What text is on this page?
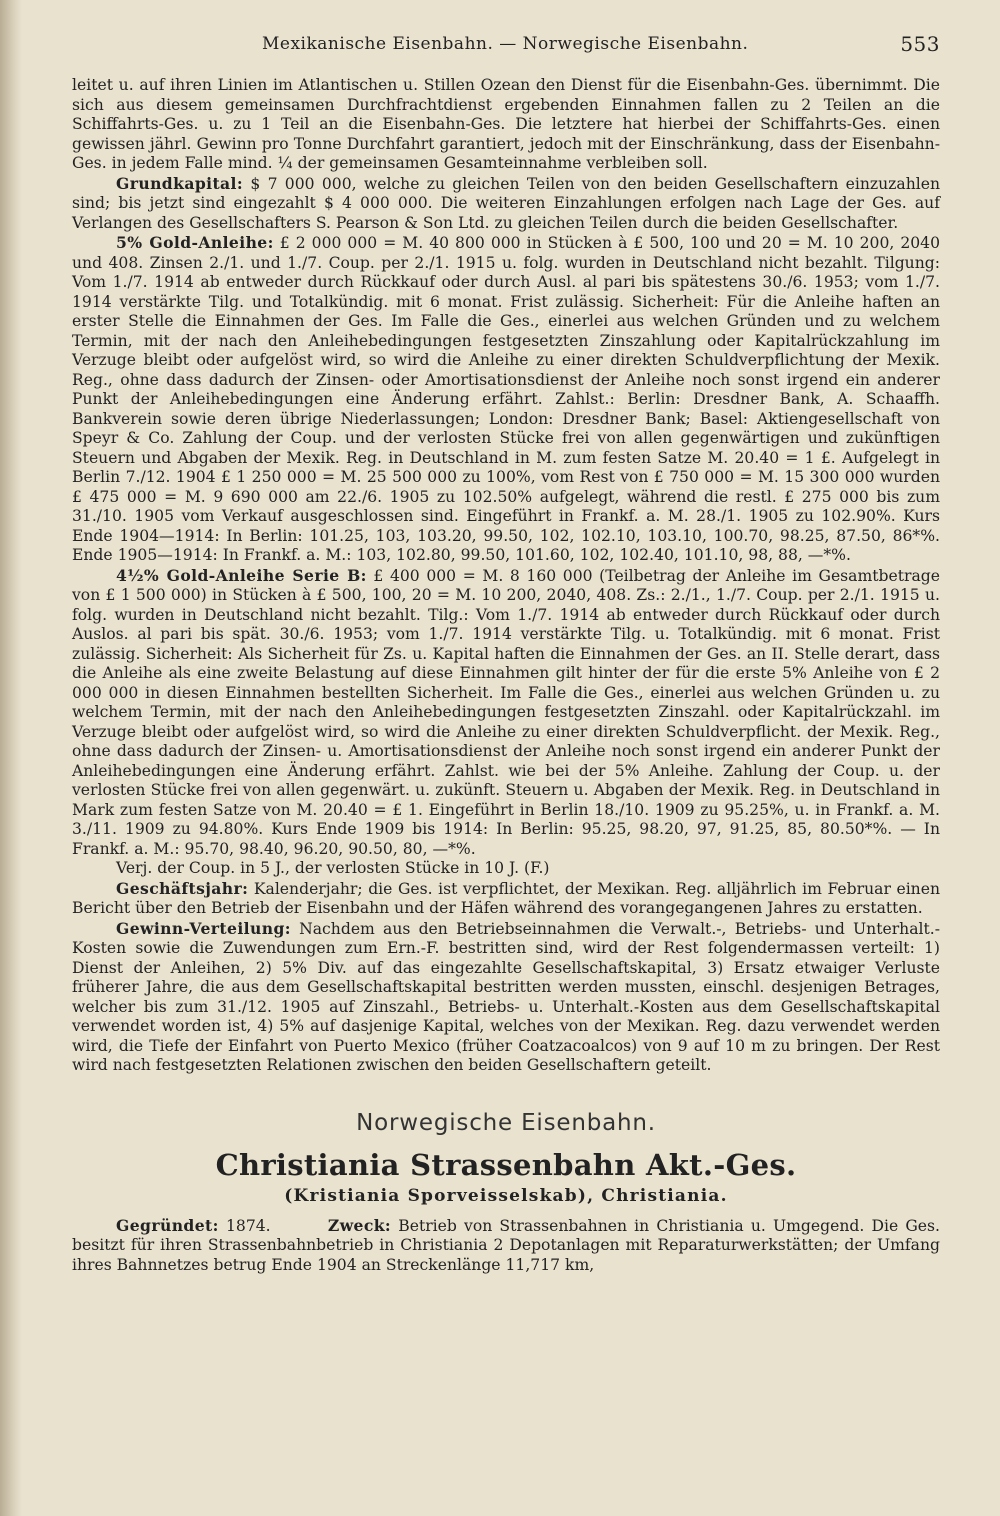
Mexikanische Eisenbahn. — Norwegische Eisenbahn.	553

leitet u. auf ihren Linien im Atlantischen u. Stillen Ozean den Dienst für die Eisenbahn-Ges. übernimmt. Die sich aus diesem gemeinsamen Durchfrachtdienst ergebenden Einnahmen fallen zu 2 Teilen an die Schiffahrts-Ges. u. zu 1 Teil an die Eisenbahn-Ges. Die letztere hat hierbei der Schiffahrts-Ges. einen gewissen jährl. Gewinn pro Tonne Durchfahrt garantiert, jedoch mit der Einschränkung, dass der Eisenbahn-Ges. in jedem Falle mind. ¼ der gemeinsamen Gesamteinnahme verbleiben soll.

Grundkapital: $ 7 000 000, welche zu gleichen Teilen von den beiden Gesellschaftern einzuzahlen sind; bis jetzt sind eingezahlt $ 4 000 000. Die weiteren Einzahlungen erfolgen nach Lage der Ges. auf Verlangen des Gesellschafters S. Pearson & Son Ltd. zu gleichen Teilen durch die beiden Gesellschafter.

5% Gold-Anleihe: £ 2 000 000 = M. 40 800 000 in Stücken à £ 500, 100 und 20 = M. 10 200, 2040 und 408. Zinsen 2./1. und 1./7. Coup. per 2./1. 1915 u. folg. wurden in Deutschland nicht bezahlt. Tilgung: Vom 1./7. 1914 ab entweder durch Rückkauf oder durch Ausl. al pari bis spätestens 30./6. 1953; vom 1./7. 1914 verstärkte Tilg. und Totalkündig. mit 6 monat. Frist zulässig. Sicherheit: Für die Anleihe haften an erster Stelle die Einnahmen der Ges. Im Falle die Ges., einerlei aus welchen Gründen und zu welchem Termin, mit der nach den Anleihebedingungen festgesetzten Zinszahlung oder Kapitalrückzahlung im Verzuge bleibt oder aufgelöst wird, so wird die Anleihe zu einer direkten Schuldverpflichtung der Mexik. Reg., ohne dass dadurch der Zinsen- oder Amortisationsdienst der Anleihe noch sonst irgend ein anderer Punkt der Anleihebedingungen eine Änderung erfährt. Zahlst.: Berlin: Dresdner Bank, A. Schaaffh. Bankverein sowie deren übrige Niederlassungen; London: Dresdner Bank; Basel: Aktiengesellschaft von Speyr & Co. Zahlung der Coup. und der verlosten Stücke frei von allen gegenwärtigen und zukünftigen Steuern und Abgaben der Mexik. Reg. in Deutschland in M. zum festen Satze M. 20.40 = 1 £. Aufgelegt in Berlin 7./12. 1904 £ 1 250 000 = M. 25 500 000 zu 100%, vom Rest von £ 750 000 = M. 15 300 000 wurden £ 475 000 = M. 9 690 000 am 22./6. 1905 zu 102.50% aufgelegt, während die restl. £ 275 000 bis zum 31./10. 1905 vom Verkauf ausgeschlossen sind. Eingeführt in Frankf. a. M. 28./1. 1905 zu 102.90%. Kurs Ende 1904—1914: In Berlin: 101.25, 103, 103.20, 99.50, 102, 102.10, 103.10, 100.70, 98.25, 87.50, 86*%. Ende 1905—1914: In Frankf. a. M.: 103, 102.80, 99.50, 101.60, 102, 102.40, 101.10, 98, 88, —*%.

4½% Gold-Anleihe Serie B: £ 400 000 = M. 8 160 000 (Teilbetrag der Anleihe im Gesamtbetrage von £ 1 500 000) in Stücken à £ 500, 100, 20 = M. 10 200, 2040, 408. Zs.: 2./1., 1./7. Coup. per 2./1. 1915 u. folg. wurden in Deutschland nicht bezahlt. Tilg.: Vom 1./7. 1914 ab entweder durch Rückkauf oder durch Auslos. al pari bis spät. 30./6. 1953; vom 1./7. 1914 verstärkte Tilg. u. Totalkündig. mit 6 monat. Frist zulässig. Sicherheit: Als Sicherheit für Zs. u. Kapital haften die Einnahmen der Ges. an II. Stelle derart, dass die Anleihe als eine zweite Belastung auf diese Einnahmen gilt hinter der für die erste 5% Anleihe von £ 2 000 000 in diesen Einnahmen bestellten Sicherheit. Im Falle die Ges., einerlei aus welchen Gründen u. zu welchem Termin, mit der nach den Anleihebedingungen festgesetzten Zinszahl. oder Kapitalrückzahl. im Verzuge bleibt oder aufgelöst wird, so wird die Anleihe zu einer direkten Schuldverpflicht. der Mexik. Reg., ohne dass dadurch der Zinsen- u. Amortisationsdienst der Anleihe noch sonst irgend ein anderer Punkt der Anleihebedingungen eine Änderung erfährt. Zahlst. wie bei der 5% Anleihe. Zahlung der Coup. u. der verlosten Stücke frei von allen gegenwärt. u. zukünft. Steuern u. Abgaben der Mexik. Reg. in Deutschland in Mark zum festen Satze von M. 20.40 = £ 1. Eingeführt in Berlin 18./10. 1909 zu 95.25%, u. in Frankf. a. M. 3./11. 1909 zu 94.80%. Kurs Ende 1909 bis 1914: In Berlin: 95.25, 98.20, 97, 91.25, 85, 80.50*%. — In Frankf. a. M.: 95.70, 98.40, 96.20, 90.50, 80, —*%.

Verj. der Coup. in 5 J., der verlosten Stücke in 10 J. (F.)

Geschäftsjahr: Kalenderjahr; die Ges. ist verpflichtet, der Mexikan. Reg. alljährlich im Februar einen Bericht über den Betrieb der Eisenbahn und der Häfen während des vorangegangenen Jahres zu erstatten.

Gewinn-Verteilung: Nachdem aus den Betriebseinnahmen die Verwalt.-, Betriebs- und Unterhalt.-Kosten sowie die Zuwendungen zum Ern.-F. bestritten sind, wird der Rest folgendermassen verteilt: 1) Dienst der Anleihen, 2) 5% Div. auf das eingezahlte Gesellschaftskapital, 3) Ersatz etwaiger Verluste früherer Jahre, die aus dem Gesellschaftskapital bestritten werden mussten, einschl. desjenigen Betrages, welcher bis zum 31./12. 1905 auf Zinszahl., Betriebs- u. Unterhalt.-Kosten aus dem Gesellschaftskapital verwendet worden ist, 4) 5% auf dasjenige Kapital, welches von der Mexikan. Reg. dazu verwendet werden wird, die Tiefe der Einfahrt von Puerto Mexico (früher Coatzacoalcos) von 9 auf 10 m zu bringen. Der Rest wird nach festgesetzten Relationen zwischen den beiden Gesellschaftern geteilt.

Norwegische Eisenbahn.
Christiania Strassenbahn Akt.-Ges.
(Kristiania Sporveisselskab), Christiania.

Gegründet: 1874.	Zweck: Betrieb von Strassenbahnen in Christiania u. Umgegend. Die Ges. besitzt für ihren Strassenbahnbetrieb in Christiania 2 Depotanlagen mit Reparaturwerkstätten; der Umfang ihres Bahnnetzes betrug Ende 1904 an Streckenlänge 11,717 km,
